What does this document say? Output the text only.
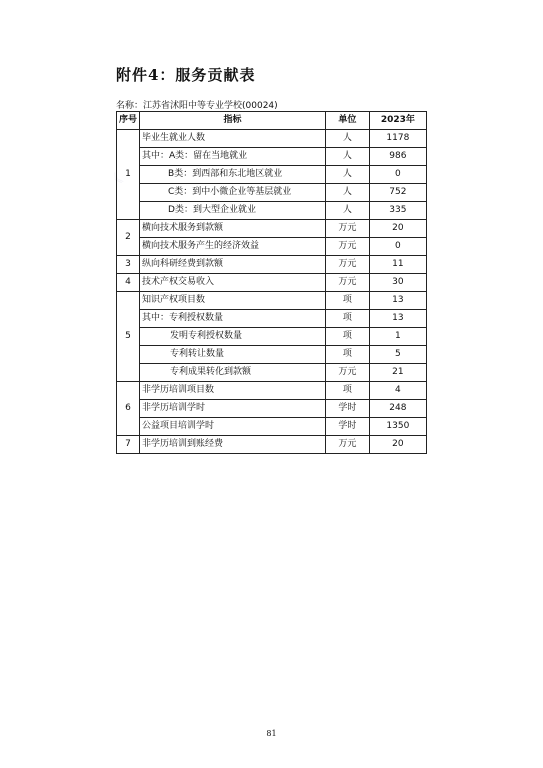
《
附件4：服务贡献表
名称：江苏省沭阳中等专业学校(00024)
序号	指标	单位	2023年
1	毕业生就业人数	人	1178
	其中：A类：留在当地就业	人	986
	B类：到西部和东北地区就业	人	0
	C类：到中小微企业等基层就业	人	752
	D类：到大型企业就业	人	335
2	横向技术服务到款额	万元	20
	横向技术服务产生的经济效益	万元	0
3	纵向科研经费到款额	万元	11
4	技术产权交易收入	万元	30
5	知识产权项目数	项	13
	其中：专利授权数量	项	13
	发明专利授权数量	项	1
	专利转让数量	项	5
	专利成果转化到款额	万元	21
6	非学历培训项目数	项	4
	非学历培训学时	学时	248
	公益项目培训学时	学时	1350
7	非学历培训到账经费	万元	20
81
